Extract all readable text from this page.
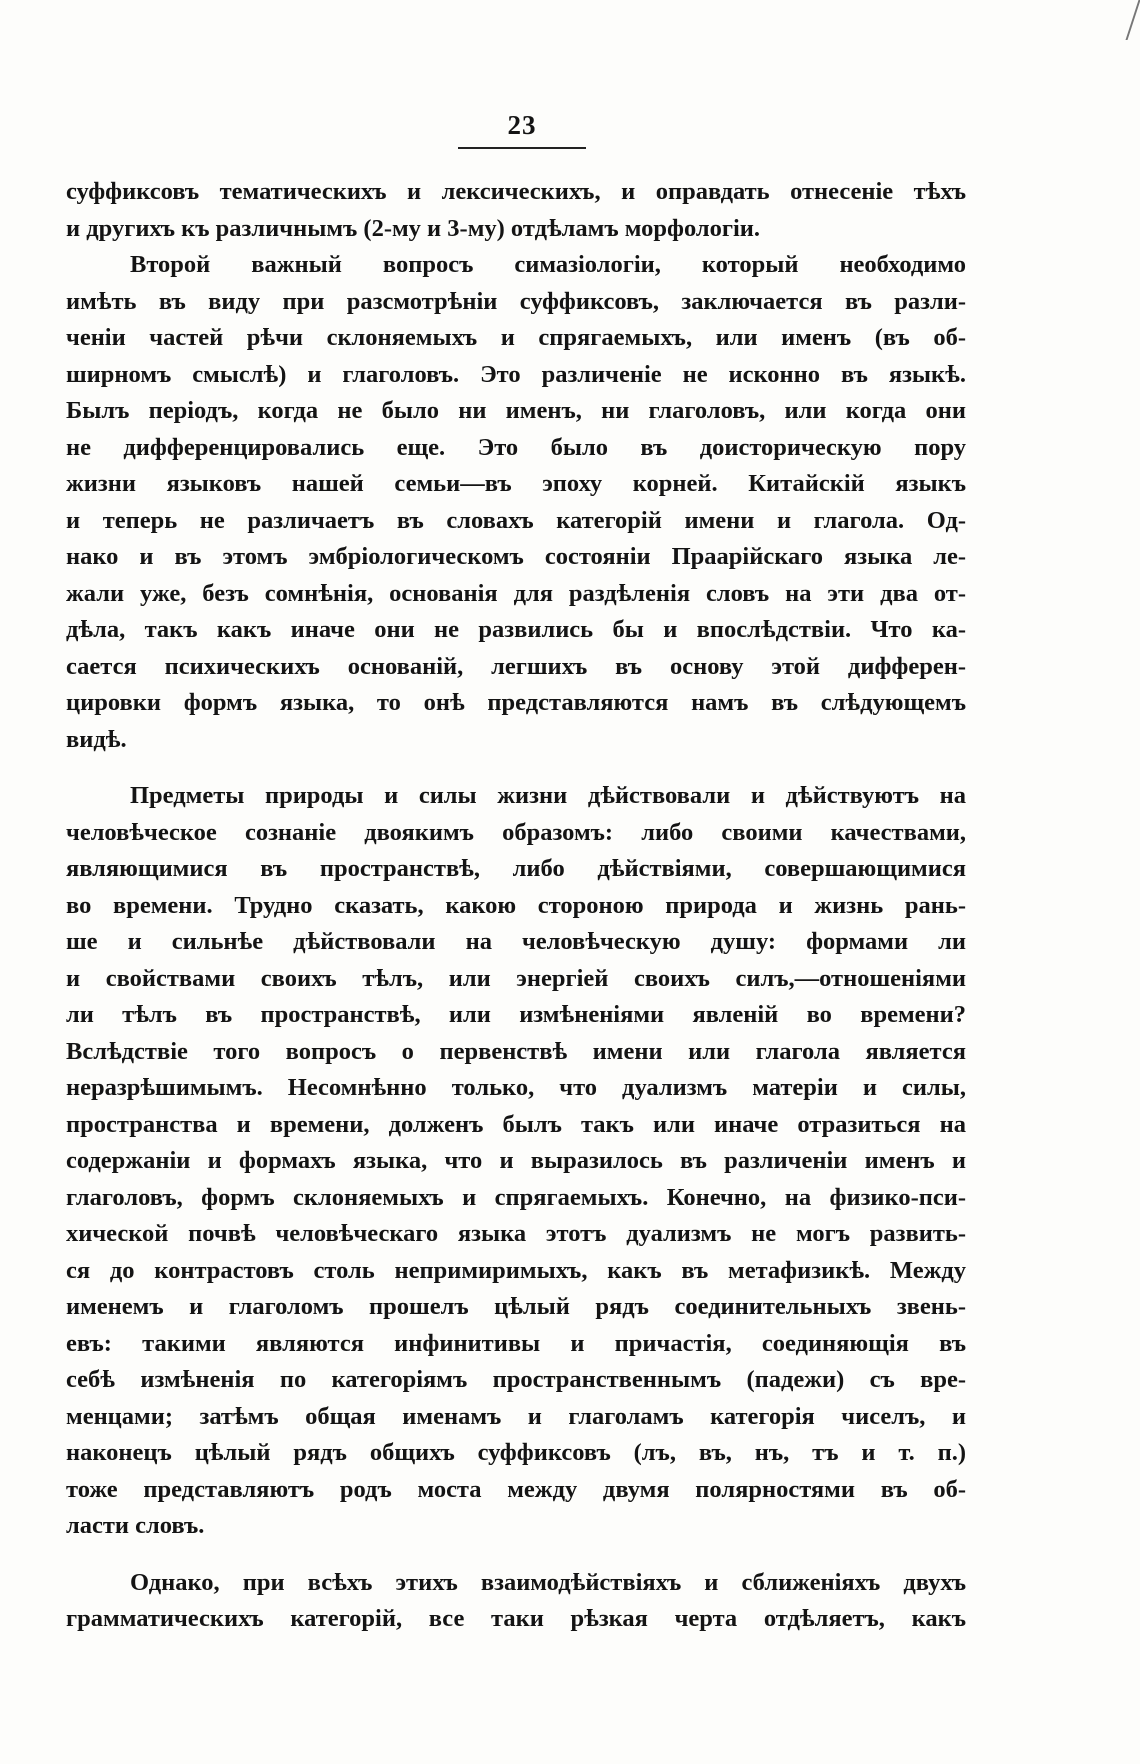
23
суффиксовъ тематическихъ и лексическихъ, и оправдать отнесеніе тѣхъ
и другихъ къ различнымъ (2-му и 3-му) отдѣламъ морфологіи.
Второй важный вопросъ симазіологіи, который необходимо
имѣть въ виду при разсмотрѣніи суффиксовъ, заключается въ разли-
ченіи частей рѣчи склоняемыхъ и спрягаемыхъ, или именъ (въ об-
ширномъ смыслѣ) и глаголовъ. Это различеніе не исконно въ языкѣ.
Былъ періодъ, когда не было ни именъ, ни глаголовъ, или когда они
не дифференцировались еще. Это было въ доисторическую пору
жизни языковъ нашей семьи—въ эпоху корней. Китайскій языкъ
и теперь не различаетъ въ словахъ категорій имени и глагола. Од-
нако и въ этомъ эмбріологическомъ состояніи Праарійскаго языка ле-
жали уже, безъ сомнѣнія, основанія для раздѣленія словъ на эти два от-
дѣла, такъ какъ иначе они не развились бы и впослѣдствіи. Что ка-
сается психическихъ основаній, легшихъ въ основу этой дифферен-
цировки формъ языка, то онѣ представляются намъ въ слѣдующемъ
видѣ.
Предметы природы и силы жизни дѣйствовали и дѣйствуютъ на
человѣческое сознаніе двоякимъ образомъ: либо своими качествами,
являющимися въ пространствѣ, либо дѣйствіями, совершающимися
во времени. Трудно сказать, какою стороною природа и жизнь рань-
ше и сильнѣе дѣйствовали на человѣческую душу: формами ли
и свойствами своихъ тѣлъ, или энергіей своихъ силъ,—отношеніями
ли тѣлъ въ пространствѣ, или измѣненіями явленій во времени?
Вслѣдствіе того вопросъ о первенствѣ имени или глагола является
неразрѣшимымъ. Несомнѣнно только, что дуализмъ матеріи и силы,
пространства и времени, долженъ былъ такъ или иначе отразиться на
содержаніи и формахъ языка, что и выразилось въ различеніи именъ и
глаголовъ, формъ склоняемыхъ и спрягаемыхъ. Конечно, на физико-пси-
хической почвѣ человѣческаго языка этотъ дуализмъ не могъ развить-
ся до контрастовъ столь непримиримыхъ, какъ въ метафизикѣ. Между
именемъ и глаголомъ прошелъ цѣлый рядъ соединительныхъ звень-
евъ: такими являются инфинитивы и причастія, соединяющія въ
себѣ измѣненія по категоріямъ пространственнымъ (падежи) съ вре-
менцами; затѣмъ общая именамъ и глаголамъ категорія чиселъ, и
наконецъ цѣлый рядъ общихъ суффиксовъ (лъ, въ, нъ, тъ и т. п.)
тоже представляютъ родъ моста между двумя полярностями въ об-
ласти словъ.
Однако, при всѣхъ этихъ взаимодѣйствіяхъ и сближеніяхъ двухъ
грамматическихъ категорій, все таки рѣзкая черта отдѣляетъ, какъ
